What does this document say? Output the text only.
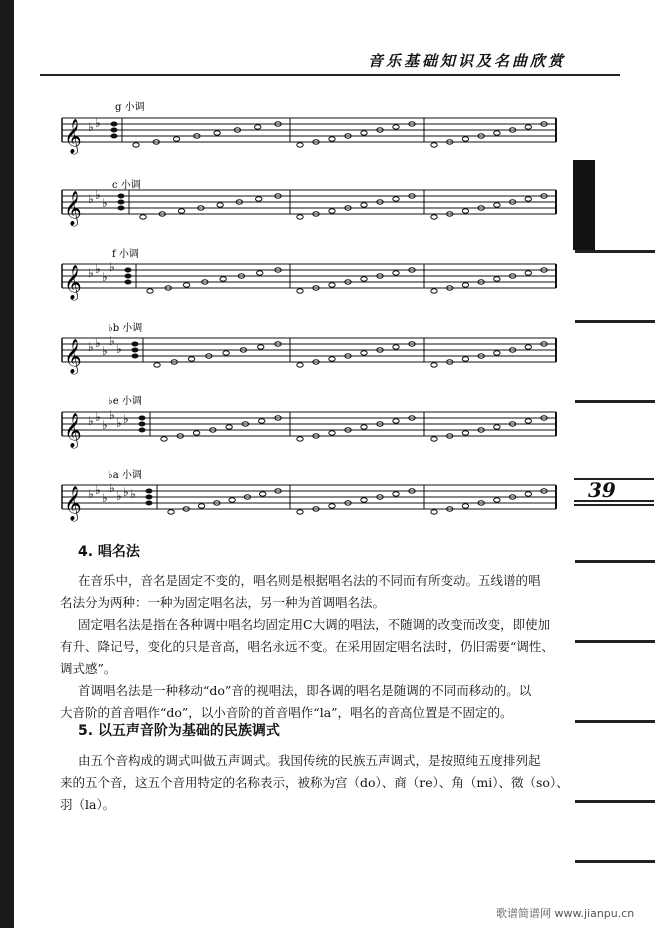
音乐基础知识及名曲欣赏
39
𝄞 ♭ ♭
𝄞 ♭ ♭
♭
𝄞 ♭ ♭
♭
♭
𝄞 ♭ ♭
♭
♭
♭
𝄞 ♭ ♭
♭
♭
♭ ♭
𝄞 ♭ ♭
♭
♭
♭ ♭ ♭
g 小调
c 小调
f 小调
♭b 小调
♭e 小调
♭a 小调
4. 唱名法
在音乐中，音名是固定不变的，唱名则是根据唱名法的不同而有所变动。五线谱的唱
名法分为两种：一种为固定唱名法，另一种为首调唱名法。
固定唱名法是指在各种调中唱名均固定用C大调的唱法，不随调的改变而改变，即使加
有升、降记号，变化的只是音高，唱名永远不变。在采用固定唱名法时，仍旧需要“调性、
调式感”。
首调唱名法是一种移动“do”音的视唱法，即各调的唱名是随调的不同而移动的。以
大音阶的首音唱作“do”，以小音阶的首音唱作“la”，唱名的音高位置是不固定的。
5. 以五声音阶为基础的民族调式
由五个音构成的调式叫做五声调式。我国传统的民族五声调式，是按照纯五度排列起
来的五个音，这五个音用特定的名称表示，被称为宫（do）、商（re）、角（mi）、徵（so）、
羽（la）。
歌谱简谱网 www.jianpu.cn
